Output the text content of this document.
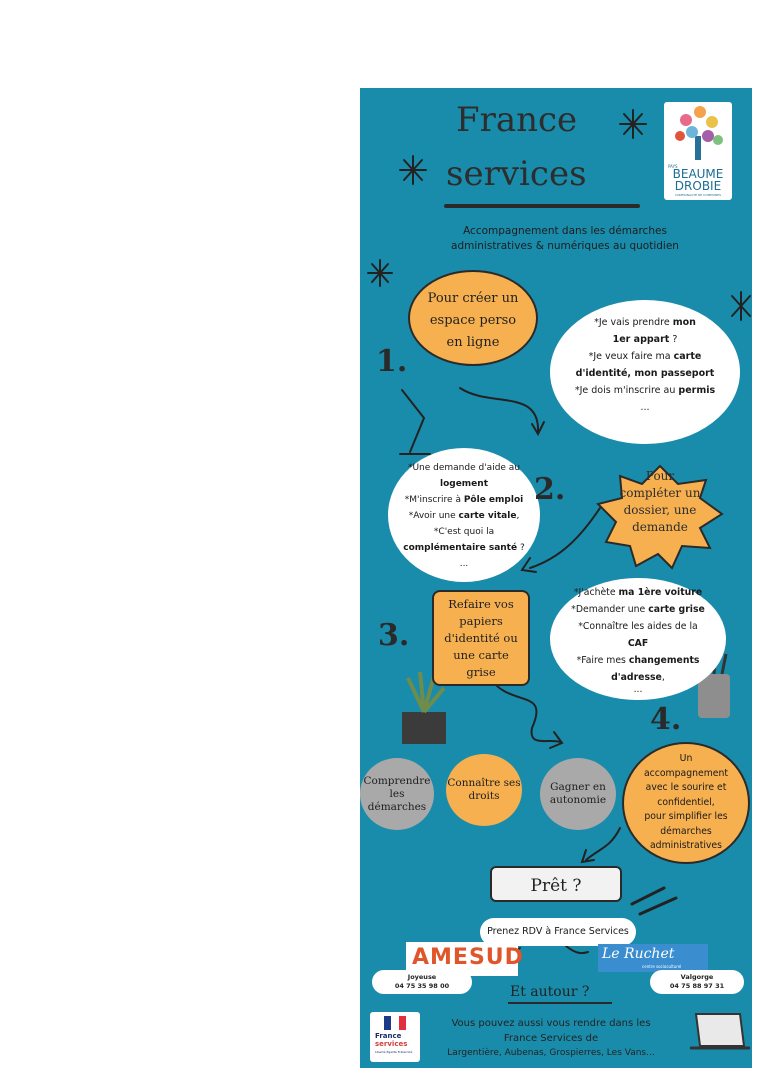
France
services	PAYS
BEAUME
DROBIE
COMMUNAUTÉ DE COMMUNES
Accompagnement dans les démarches
administratives & numériques au quotidien
Pour créer un
espace perso
en ligne
1.
*Je vais prendre mon
1er appart ?
*Je veux faire ma carte
d'identité, mon passeport
*Je dois m'inscrire au permis
...
*Une demande d'aide au
logement
*M'inscrire à Pôle emploi
*Avoir une carte vitale,
*C'est quoi la
complémentaire santé ?
...
2.	Pour
compléter un
dossier, une
demande
3.
Refaire vos
papiers
d'identité ou
une carte
grise
*J'achète ma 1ère voiture
*Demander une carte grise
*Connaître les aides de la
CAF
*Faire mes changements
d'adresse,
...
4.
Comprendre les démarches
Connaître ses droits
Gagner en autonomie
Un
accompagnement
avec le sourire et
confidentiel,
pour simplifier les
démarches
administratives
Prêt ?
Prenez RDV à France Services
AMESUD	Le Ruchet
centre socioculturel
Joyeuse
04 75 35 98 00
Valgorge
04 75 88 97 31
Et autour ?
France
services
Liberté Égalité Fraternité
Vous pouvez aussi vous rendre dans les
France Services de
Largentière, Aubenas, Grospierres, Les Vans...
